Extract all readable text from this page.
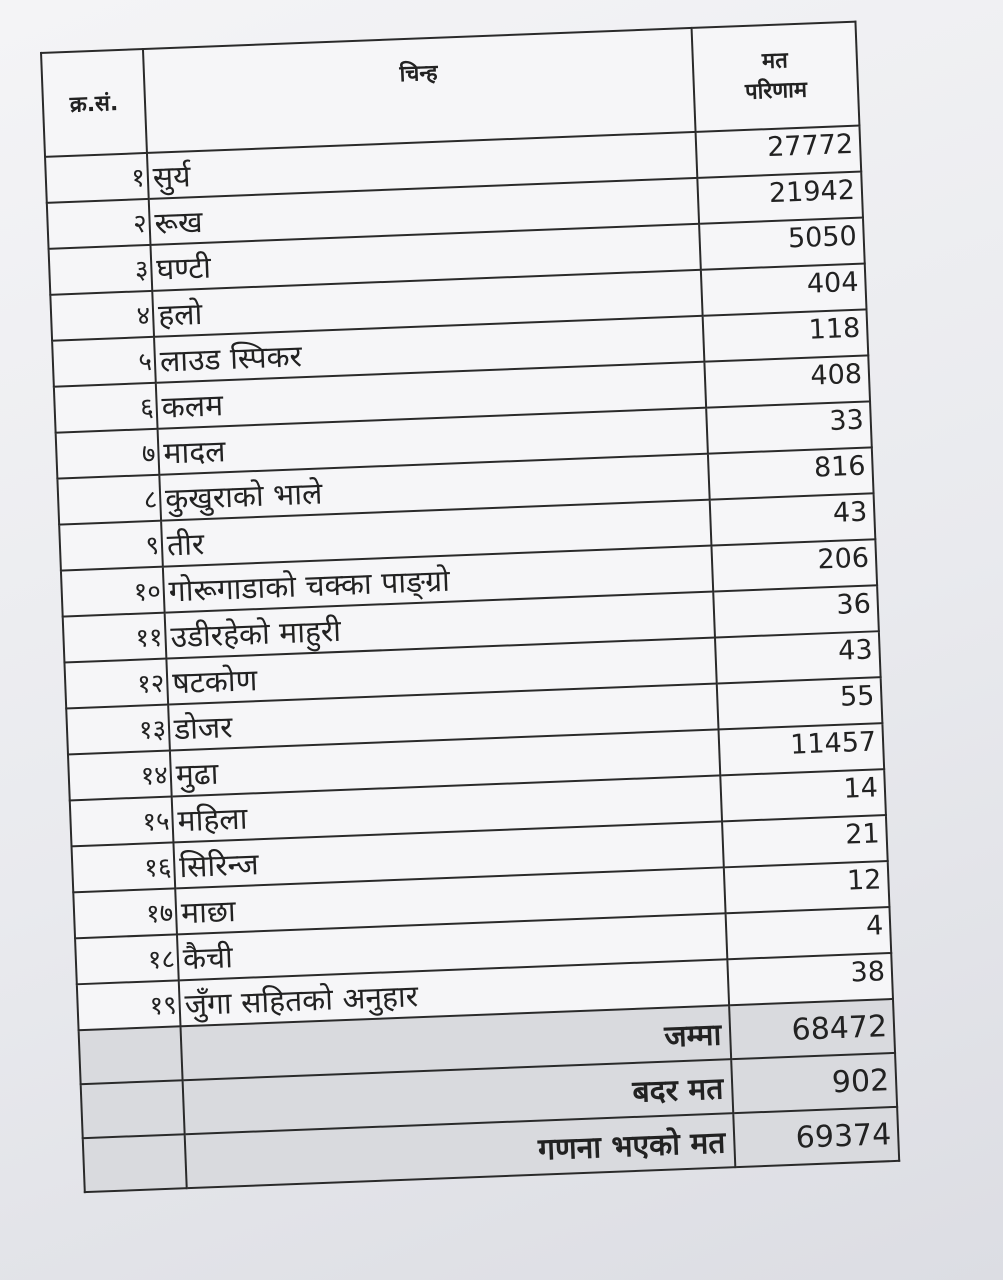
क्र.सं.	चिन्ह	मत
परिणाम

१	सुर्य	27772
२	रूख	21942
३	घण्टी	5050
४	हलो	404
५	लाउड स्पिकर	118
६	कलम	408
७	मादल	33
८	कुखुराको भाले	816
९	तीर	43
१०	गोरूगाडाको चक्का पाङ्ग्रो	206
११	उडीरहेको माहुरी	36
१२	षटकोण	43
१३	डोजर	55
१४	मुढा	11457
१५	महिला	14
१६	सिरिन्ज	21
१७	माछा	12
१८	कैची	4
१९	जुँगा सहितको अनुहार	38
	जम्मा	68472
	बदर मत	902
	गणना भएको मत	69374
